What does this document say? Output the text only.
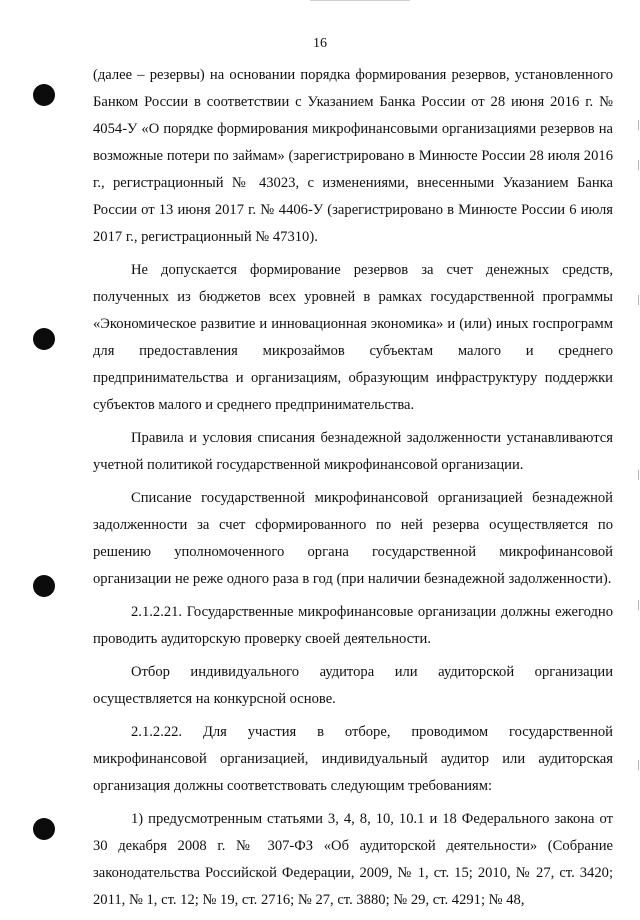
16

(далее – резервы) на основании порядка формирования резервов, установленного Банком России в соответствии с Указанием Банка России от 28 июня 2016 г. № 4054-У «О порядке формирования микрофинансовыми организациями резервов на возможные потери по займам» (зарегистрировано в Минюсте России 28 июля 2016 г., регистрационный № 43023, с изменениями, внесенными Указанием Банка России от 13 июня 2017 г. № 4406-У (зарегистрировано в Минюсте России 6 июля 2017 г., регистрационный № 47310).

Не допускается формирование резервов за счет денежных средств, полученных из бюджетов всех уровней в рамках государственной программы «Экономическое развитие и инновационная экономика» и (или) иных госпрограмм для предоставления микрозаймов субъектам малого и среднего предпринимательства и организациям, образующим инфраструктуру поддержки субъектов малого и среднего предпринимательства.

Правила и условия списания безнадежной задолженности устанавливаются учетной политикой государственной микрофинансовой организации.

Списание государственной микрофинансовой организацией безнадежной задолженности за счет сформированного по ней резерва осуществляется по решению уполномоченного органа государственной микрофинансовой организации не реже одного раза в год (при наличии безнадежной задолженности).

2.1.2.21. Государственные микрофинансовые организации должны ежегодно проводить аудиторскую проверку своей деятельности.

Отбор индивидуального аудитора или аудиторской организации осуществляется на конкурсной основе.

2.1.2.22. Для участия в отборе, проводимом государственной микрофинансовой организацией, индивидуальный аудитор или аудиторская организация должны соответствовать следующим требованиям:

1) предусмотренным статьями 3, 4, 8, 10, 10.1 и 18 Федерального закона от 30 декабря 2008 г. № 307-ФЗ «Об аудиторской деятельности» (Собрание законодательства Российской Федерации, 2009, № 1, ст. 15; 2010, № 27, ст. 3420; 2011, № 1, ст. 12; № 19, ст. 2716; № 27, ст. 3880; № 29, ст. 4291; № 48,
